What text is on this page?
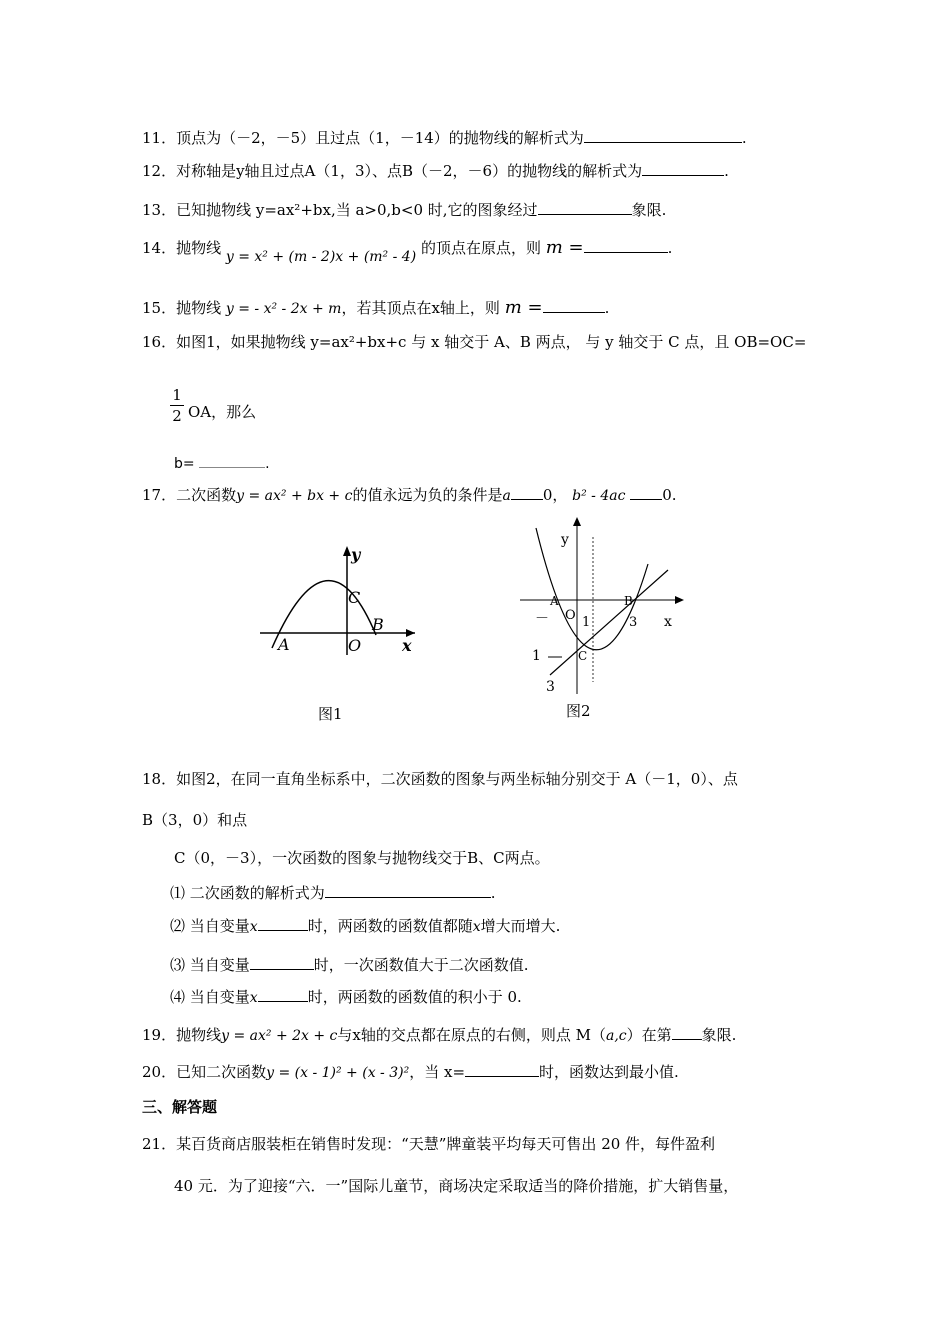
11．顶点为（－2，－5）且过点（1，－14）的抛物线的解析式为	.
12．对称轴是y轴且过点A（1，3）、点B（－2，－6）的抛物线的解析式为	.
13．已知抛物线 y=ax²+bx,当 a>0,b<0 时,它的图象经过	象限.
14．抛物线 y = x² + (m - 2)x + (m² - 4) 的顶点在原点，则 m =	.
15．抛物线 y = - x² - 2x + m，若其顶点在x轴上，则 m =	.
16．如图1，如果抛物线 y=ax²+bx+c 与 x 轴交于 A、B 两点， 与 y 轴交于 C 点，且 OB=OC=
1
2 OA，那么
b=	.
17．二次函数y = ax² + bx + c的值永远为负的条件是a 0， b² - 4ac 0.
y
x
A
B
C
O
图1
y
x
A	B
O 1	3
C
－
1
3
图2
18．如图2，在同一直角坐标系中，二次函数的图象与两坐标轴分别交于 A（－1，0）、点
B（3，0）和点
C（0，－3），一次函数的图象与抛物线交于B、C两点。
⑴ 二次函数的解析式为	.
⑵ 当自变量x	时，两函数的函数值都随x增大而增大.
⑶ 当自变量	时，一次函数值大于二次函数值.
⑷ 当自变量x	时，两函数的函数值的积小于 0.
19．抛物线y = ax² + 2x + c与x轴的交点都在原点的右侧，则点 M（a,c）在第 象限.
20．已知二次函数y = (x - 1)² + (x - 3)²，当 x=	时，函数达到最小值.
三、解答题
21．某百货商店服装柜在销售时发现：“天慧”牌童装平均每天可售出 20 件，每件盈利
40 元．为了迎接“六．一”国际儿童节，商场决定采取适当的降价措施，扩大销售量，
